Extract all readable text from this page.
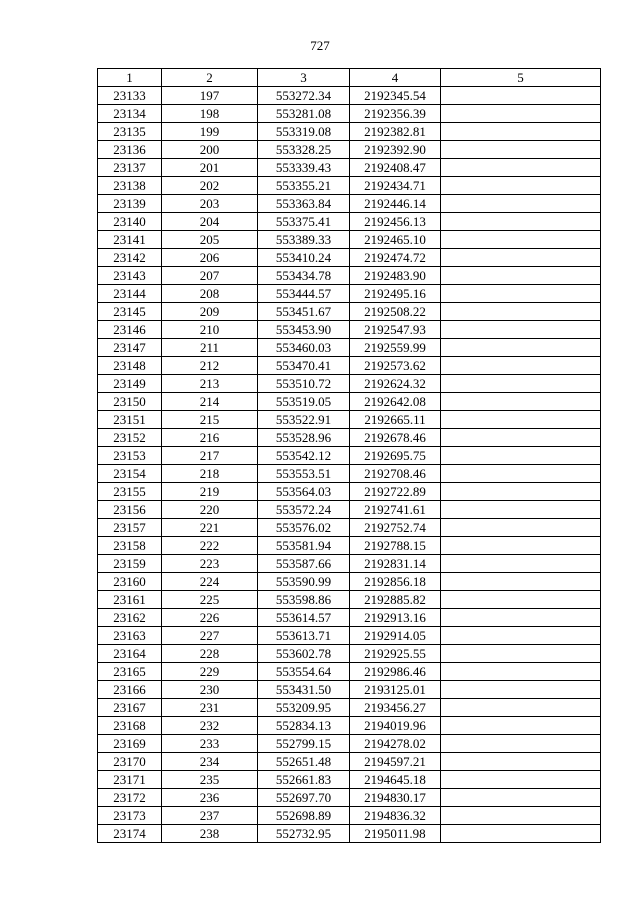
727
1	2	3	4	5
23133	197	553272.34	2192345.54	
23134	198	553281.08	2192356.39	
23135	199	553319.08	2192382.81	
23136	200	553328.25	2192392.90	
23137	201	553339.43	2192408.47	
23138	202	553355.21	2192434.71	
23139	203	553363.84	2192446.14	
23140	204	553375.41	2192456.13	
23141	205	553389.33	2192465.10	
23142	206	553410.24	2192474.72	
23143	207	553434.78	2192483.90	
23144	208	553444.57	2192495.16	
23145	209	553451.67	2192508.22	
23146	210	553453.90	2192547.93	
23147	211	553460.03	2192559.99	
23148	212	553470.41	2192573.62	
23149	213	553510.72	2192624.32	
23150	214	553519.05	2192642.08	
23151	215	553522.91	2192665.11	
23152	216	553528.96	2192678.46	
23153	217	553542.12	2192695.75	
23154	218	553553.51	2192708.46	
23155	219	553564.03	2192722.89	
23156	220	553572.24	2192741.61	
23157	221	553576.02	2192752.74	
23158	222	553581.94	2192788.15	
23159	223	553587.66	2192831.14	
23160	224	553590.99	2192856.18	
23161	225	553598.86	2192885.82	
23162	226	553614.57	2192913.16	
23163	227	553613.71	2192914.05	
23164	228	553602.78	2192925.55	
23165	229	553554.64	2192986.46	
23166	230	553431.50	2193125.01	
23167	231	553209.95	2193456.27	
23168	232	552834.13	2194019.96	
23169	233	552799.15	2194278.02	
23170	234	552651.48	2194597.21	
23171	235	552661.83	2194645.18	
23172	236	552697.70	2194830.17	
23173	237	552698.89	2194836.32	
23174	238	552732.95	2195011.98	
